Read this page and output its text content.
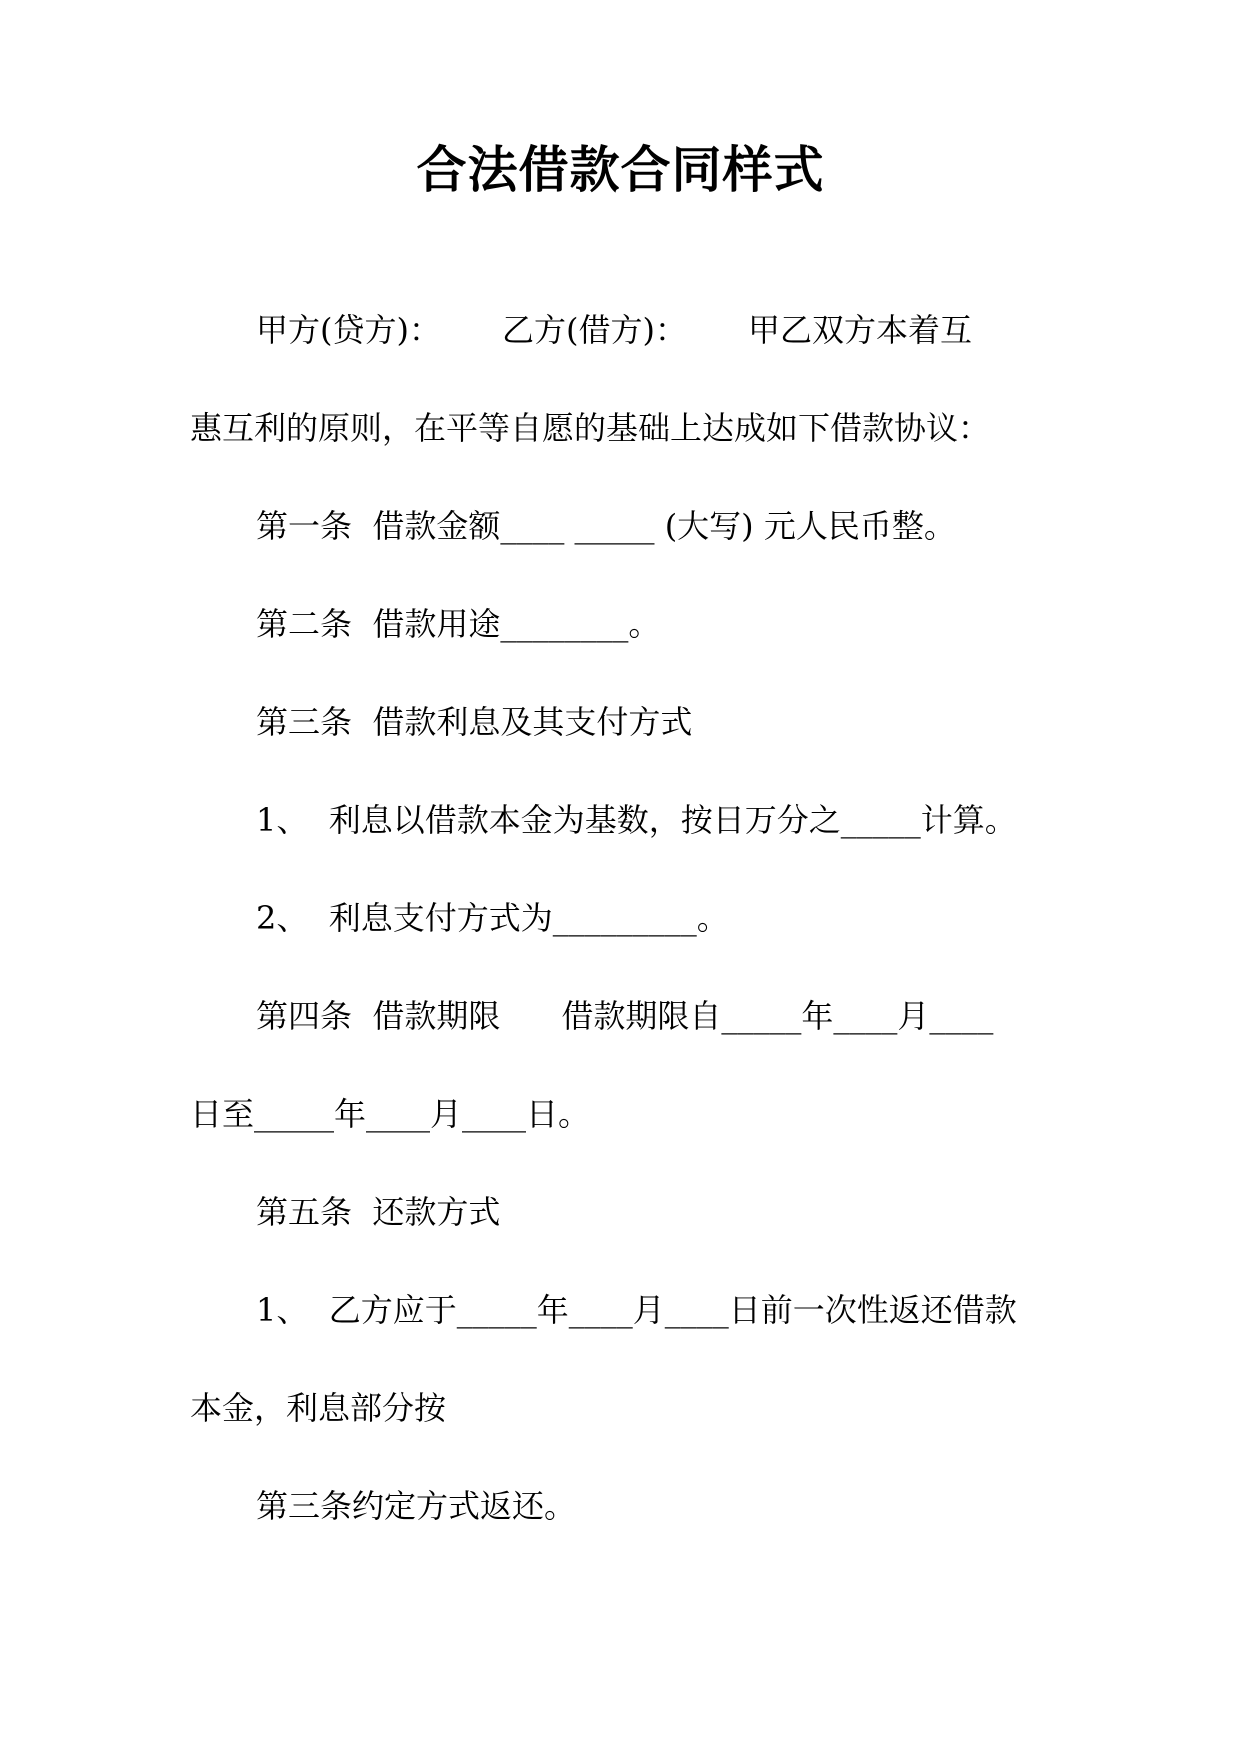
合法借款合同样式
甲方(贷方)：      乙方(借方)：      甲乙双方本着互
惠互利的原则，在平等自愿的基础上达成如下借款协议：
第一条  借款金额____ _____ (大写) 元人民币整。
第二条  借款用途________。
第三条  借款利息及其支付方式
1、  利息以借款本金为基数，按日万分之_____计算。
2、  利息支付方式为_________。
第四条  借款期限      借款期限自_____年____月____
日至_____年____月____日。
第五条  还款方式
1、  乙方应于_____年____月____日前一次性返还借款
本金，利息部分按
第三条约定方式返还。
